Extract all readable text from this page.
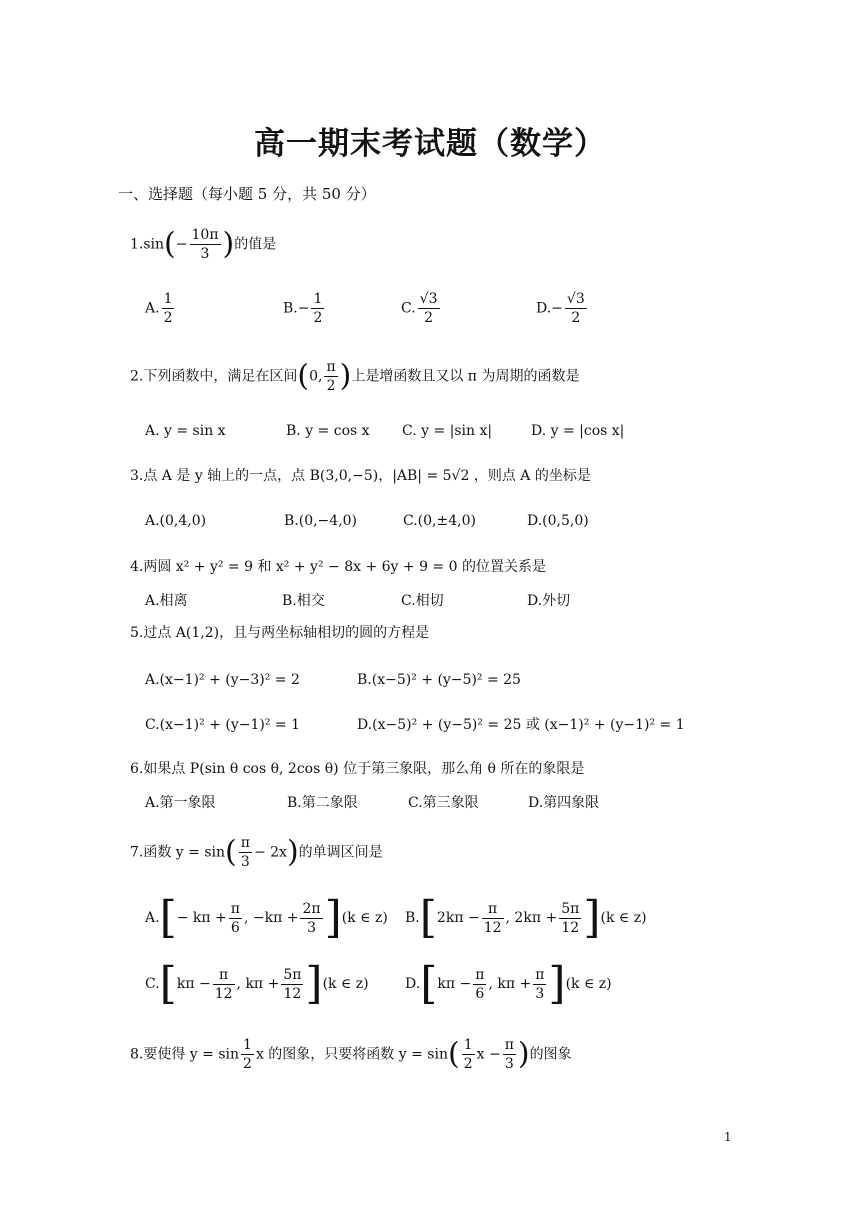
高一期末考试题（数学）
一、选择题（每小题 5 分，共 50 分）
$1.\sin(- \frac{10\pi}{3}$ )的值是
A. $\frac{1}{2}$	$B.- \frac{1}{2}$	C. $\frac{√3}{2}$	$D.- \frac{√3}{2}$
2.下列函数中，满足在区间(0, $\frac{\pi}{2}$ )上是增函数且又以 π 为周期的函数是
A. y = sin x	B. y = cos x C. y = |sin x|	D. y = |cos x|
3.点 A 是 y 轴上的一点，点 B(3,0,−5)，|AB| = 5√2 ，则点 A 的坐标是
A.(0,4,0)	B.(0,−4,0)	C.(0,±4,0)	D.(0,5,0)
4.两圆 x² + y² = 9 和 x² + y² − 8x + 6y + 9 = 0 的位置关系是
A.相离	B.相交	C.相切	D.外切
5.过点 A(1,2)，且与两坐标轴相切的圆的方程是
A.(x−1)² + (y−3)² = 2	B.(x−5)² + (y−5)² = 25
C.(x−1)² + (y−1)² = 1	D.(x−5)² + (y−5)² = 25 或 (x−1)² + (y−1)² = 1
6.如果点 P(sin θ cos θ, 2cos θ) 位于第三象限，那么角 θ 所在的象限是
A.第一象限	B.第二象限	C.第三象限	D.第四象限
7.函数 $y = \sin( \frac{\pi}{3} - 2x)$的单调区间是
$A.[- k\pi + \frac{\pi}{6}$ , $-k\pi + \frac{2\pi}{3} ](k$ ∈ z) $B.[2k\pi - \frac{\pi}{12}$ , $2k\pi + \frac{5\pi}{12} ](k$ ∈ z)
$C.[k\pi - \frac{\pi}{12}$ , $k\pi + \frac{5\pi}{12} ](k$ ∈ z)	$D.[k\pi - \frac{\pi}{6}$ , $k\pi + \frac{\pi}{3} ](k$ ∈ z)
8.要使得 $y = \sin \frac{1}{2}$ x 的图象，只要将函数 $y = \sin( \frac{1}{2}$ $x - \frac{\pi}{3}$ )的图象
1
